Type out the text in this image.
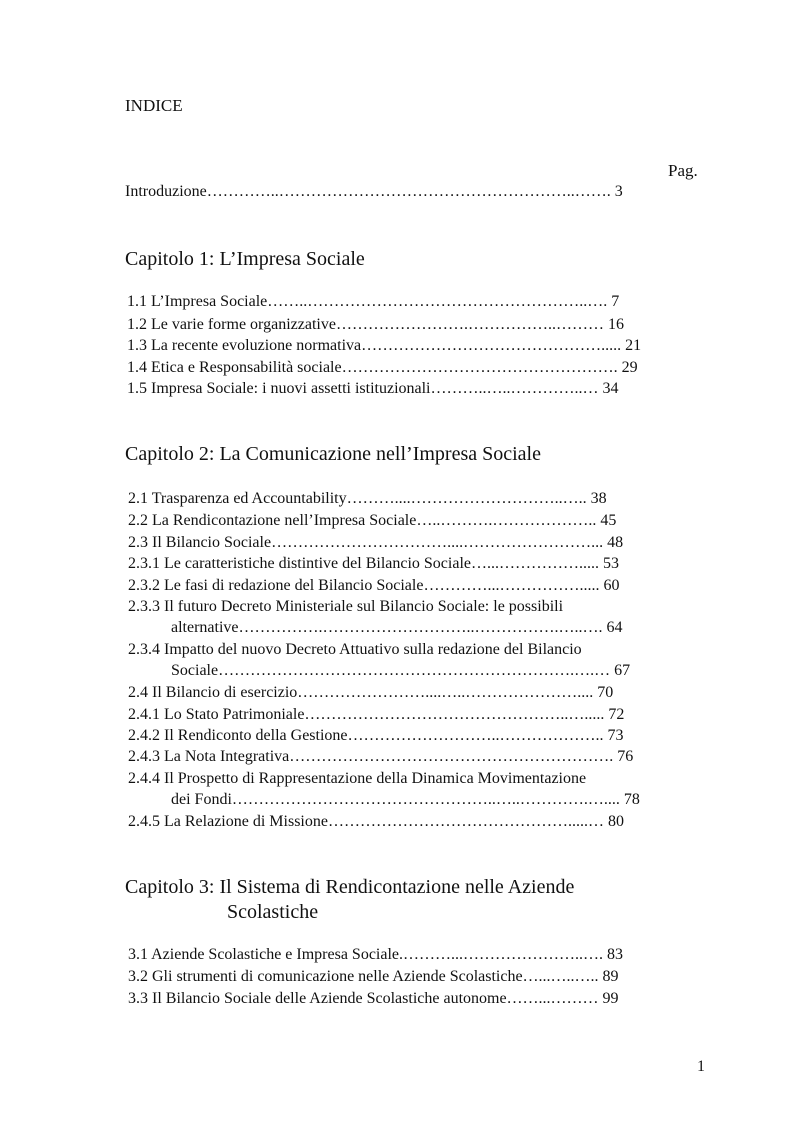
INDICE
Pag.
Introduzione…………..………………………………………………..……. 3
Capitolo 1: L’Impresa Sociale
1.1 L’Impresa Sociale……..……………………………………………..…. 7
1.2 Le varie forme organizzative…………………….……………..……… 16
1.3 La recente evoluzione normativa………………………………………..... 21
1.4 Etica e Responsabilità sociale……………………………………………. 29
1.5 Impresa Sociale: i nuovi assetti istituzionali………..…..…………..… 34
Capitolo 2: La Comunicazione nell’Impresa Sociale
2.1 Trasparenza ed Accountability………....………………………..….. 38
2.2 La Rendicontazione nell’Impresa Sociale…..……….……………….. 45
2.3 Il Bilancio Sociale……………………………....……………………... 48
2.3.1 Le caratteristiche distintive del Bilancio Sociale…...……………..... 53
2.3.2 Le fasi di redazione del Bilancio Sociale…………...……………..... 60
2.3.3 Il futuro Decreto Ministeriale sul Bilancio Sociale: le possibili
alternative…………….………………………..…………….…..…. 64
2.3.4 Impatto del nuovo Decreto Attuativo sulla redazione del Bilancio
Sociale………………………………………………………….….… 67
2.4 Il Bilancio di esercizio……………………....…..………………….... 70
2.4.1 Lo Stato Patrimoniale…………………………………………..…..... 72
2.4.2 Il Rendiconto della Gestione………………………..……………….. 73
2.4.3 La Nota Integrativa……………………………………………………. 76
2.4.4 Il Prospetto di Rappresentazione della Dinamica Movimentazione
dei Fondi…………………………………………..…..………….….... 78
2.4.5 La Relazione di Missione……………………………………….....… 80
Capitolo 3: Il Sistema di Rendicontazione nelle Aziende
Scolastiche
3.1 Aziende Scolastiche e Impresa Sociale.………...…………………..…. 83
3.2 Gli strumenti di comunicazione nelle Aziende Scolastiche…...…..….. 89
3.3 Il Bilancio Sociale delle Aziende Scolastiche autonome……...……… 99
1
